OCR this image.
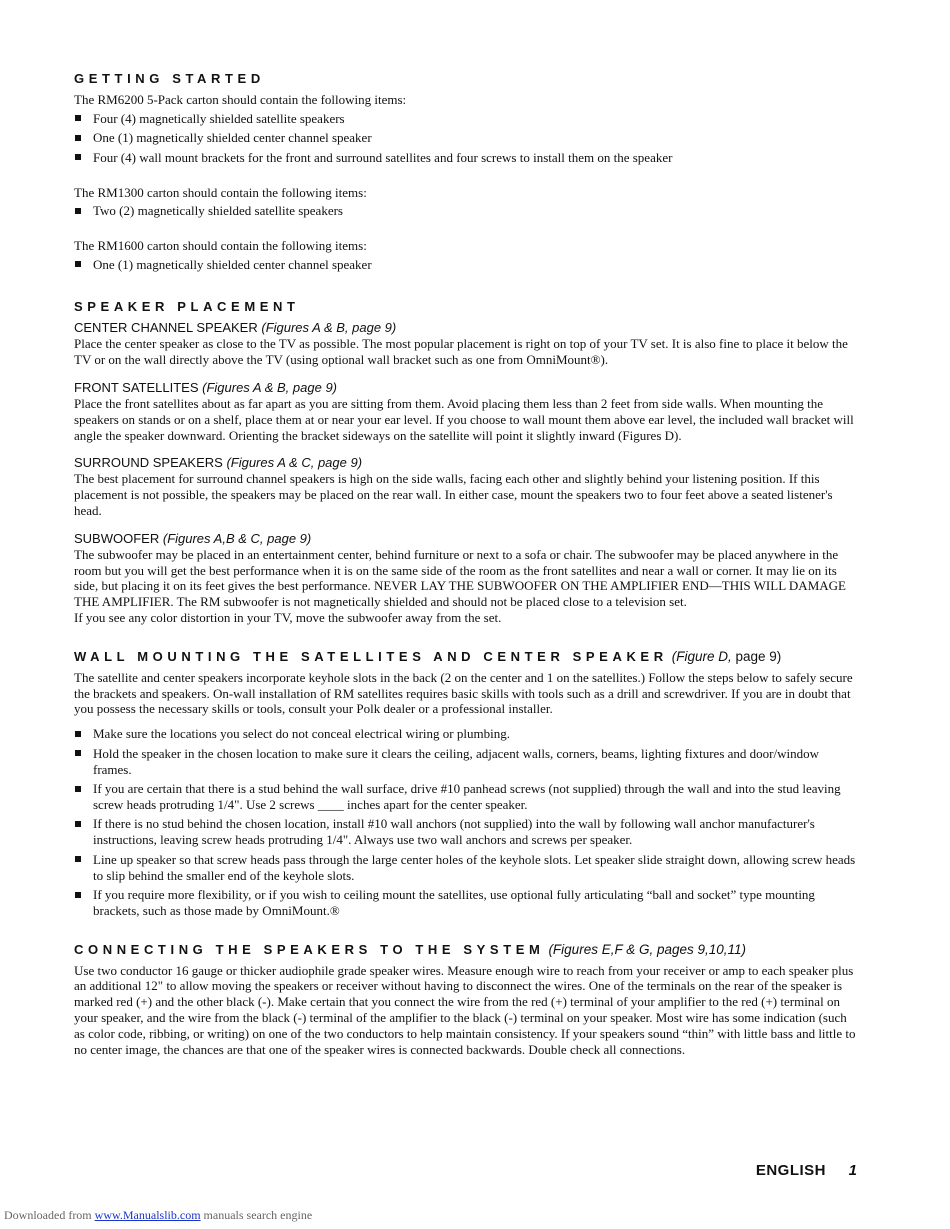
GETTING STARTED

The RM6200 5-Pack carton should contain the following items:

Four (4) magnetically shielded satellite speakers
One (1) magnetically shielded center channel speaker
Four (4) wall mount brackets for the front and surround satellites and four screws to install them on the speaker

The RM1300 carton should contain the following items:

Two (2) magnetically shielded satellite speakers

The RM1600 carton should contain the following items:

One (1) magnetically shielded center channel speaker
SPEAKER PLACEMENT

CENTER CHANNEL SPEAKER (Figures A & B, page 9)

Place the center speaker as close to the TV as possible. The most popular placement is right on top of your TV set. It is also fine to place it below the TV or on the wall directly above the TV (using optional wall bracket such as one from OmniMount®).

FRONT SATELLITES (Figures A & B, page 9)

Place the front satellites about as far apart as you are sitting from them. Avoid placing them less than 2 feet from side walls. When mounting the speakers on stands or on a shelf, place them at or near your ear level. If you choose to wall mount them above ear level, the included wall bracket will angle the speaker downward. Orienting the bracket sideways on the satellite will point it slightly inward (Figures D).

SURROUND SPEAKERS (Figures A & C, page 9)

The best placement for surround channel speakers is high on the side walls, facing each other and slightly behind your listening position. If this placement is not possible, the speakers may be placed on the rear wall. In either case, mount the speakers two to four feet above a seated listener's head.

SUBWOOFER (Figures A,B & C, page 9)

The subwoofer may be placed in an entertainment center, behind furniture or next to a sofa or chair. The subwoofer may be placed anywhere in the room but you will get the best performance when it is on the same side of the room as the front satellites and near a wall or corner. It may lie on its side, but placing it on its feet gives the best performance. NEVER LAY THE SUBWOOFER ON THE AMPLIFIER END—THIS WILL DAMAGE THE AMPLIFIER. The RM subwoofer is not magnetically shielded and should not be placed close to a television set.

If you see any color distortion in your TV, move the subwoofer away from the set.

WALL MOUNTING THE SATELLITES AND CENTER SPEAKER (Figure D, page 9)

The satellite and center speakers incorporate keyhole slots in the back (2 on the center and 1 on the satellites.) Follow the steps below to safely secure the brackets and speakers. On-wall installation of RM satellites requires basic skills with tools such as a drill and screwdriver. If you are in doubt that you possess the necessary skills or tools, consult your Polk dealer or a professional installer.

Make sure the locations you select do not conceal electrical wiring or plumbing.
Hold the speaker in the chosen location to make sure it clears the ceiling, adjacent walls, corners, beams, lighting fixtures and door/window frames.
If you are certain that there is a stud behind the wall surface, drive #10 panhead screws (not supplied) through the wall and into the stud leaving screw heads protruding 1/4". Use 2 screws ____ inches apart for the center speaker.
If there is no stud behind the chosen location, install #10 wall anchors (not supplied) into the wall by following wall anchor manufacturer's instructions, leaving screw heads protruding 1/4". Always use two wall anchors and screws per speaker.
Line up speaker so that screw heads pass through the large center holes of the keyhole slots. Let speaker slide straight down, allowing screw heads to slip behind the smaller end of the keyhole slots.
If you require more flexibility, or if you wish to ceiling mount the satellites, use optional fully articulating “ball and socket” type mounting brackets, such as those made by OmniMount.®
CONNECTING THE SPEAKERS TO THE SYSTEM (Figures E,F & G, pages 9,10,11)

Use two conductor 16 gauge or thicker audiophile grade speaker wires. Measure enough wire to reach from your receiver or amp to each speaker plus an additional 12" to allow moving the speakers or receiver without having to disconnect the wires. One of the terminals on the rear of the speaker is marked red (+) and the other black (-). Make certain that you connect the wire from the red (+) terminal of your amplifier to the red (+) terminal on your speaker, and the wire from the black (-) terminal of the amplifier to the black (-) terminal on your speaker. Most wire has some indication (such as color code, ribbing, or writing) on one of the two conductors to help maintain consistency. If your speakers sound “thin” with little bass and little to no center image, the chances are that one of the speaker wires is connected backwards. Double check all connections.

ENGLISH 1
Downloaded from www.Manualslib.com manuals search engine
